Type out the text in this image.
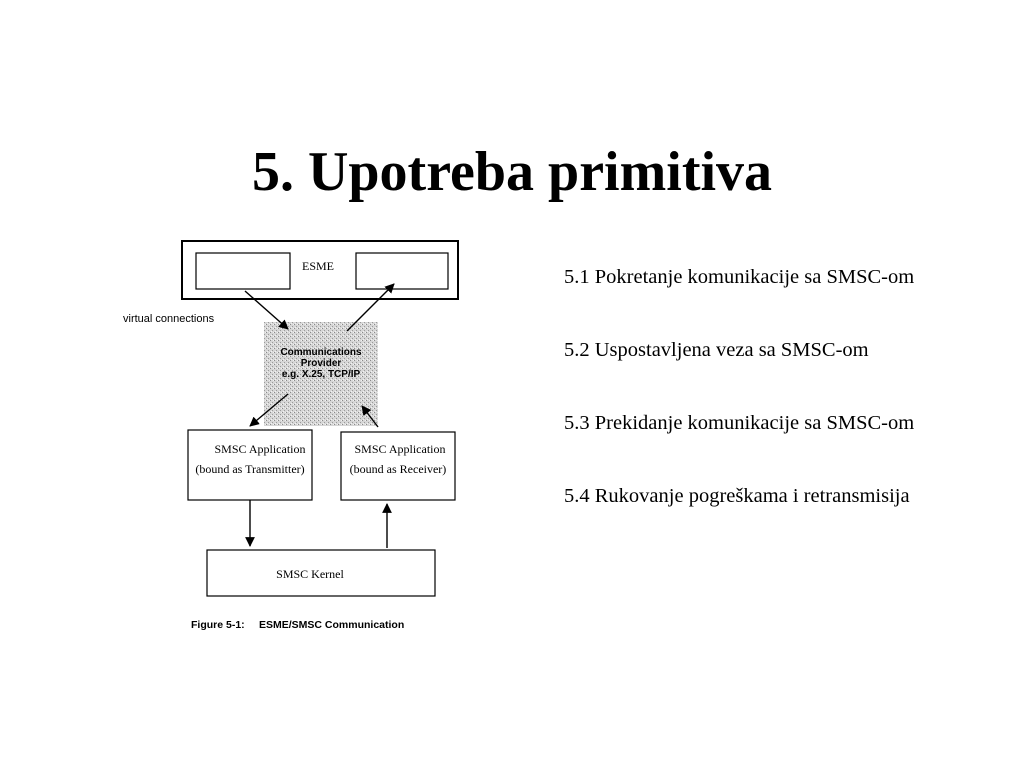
5. Upotreba primitiva
ESME
virtual connections
Communications
Provider
e.g. X.25, TCP/IP
SMSC Application
(bound as Transmitter)
SMSC Application
(bound as Receiver)
SMSC Kernel
Figure 5-1: ESME/SMSC Communication
5.1 Pokretanje komunikacije sa SMSC-om
5.2 Uspostavljena veza sa SMSC-om
5.3 Prekidanje komunikacije sa SMSC-om
5.4 Rukovanje pogreškama i retransmisija
